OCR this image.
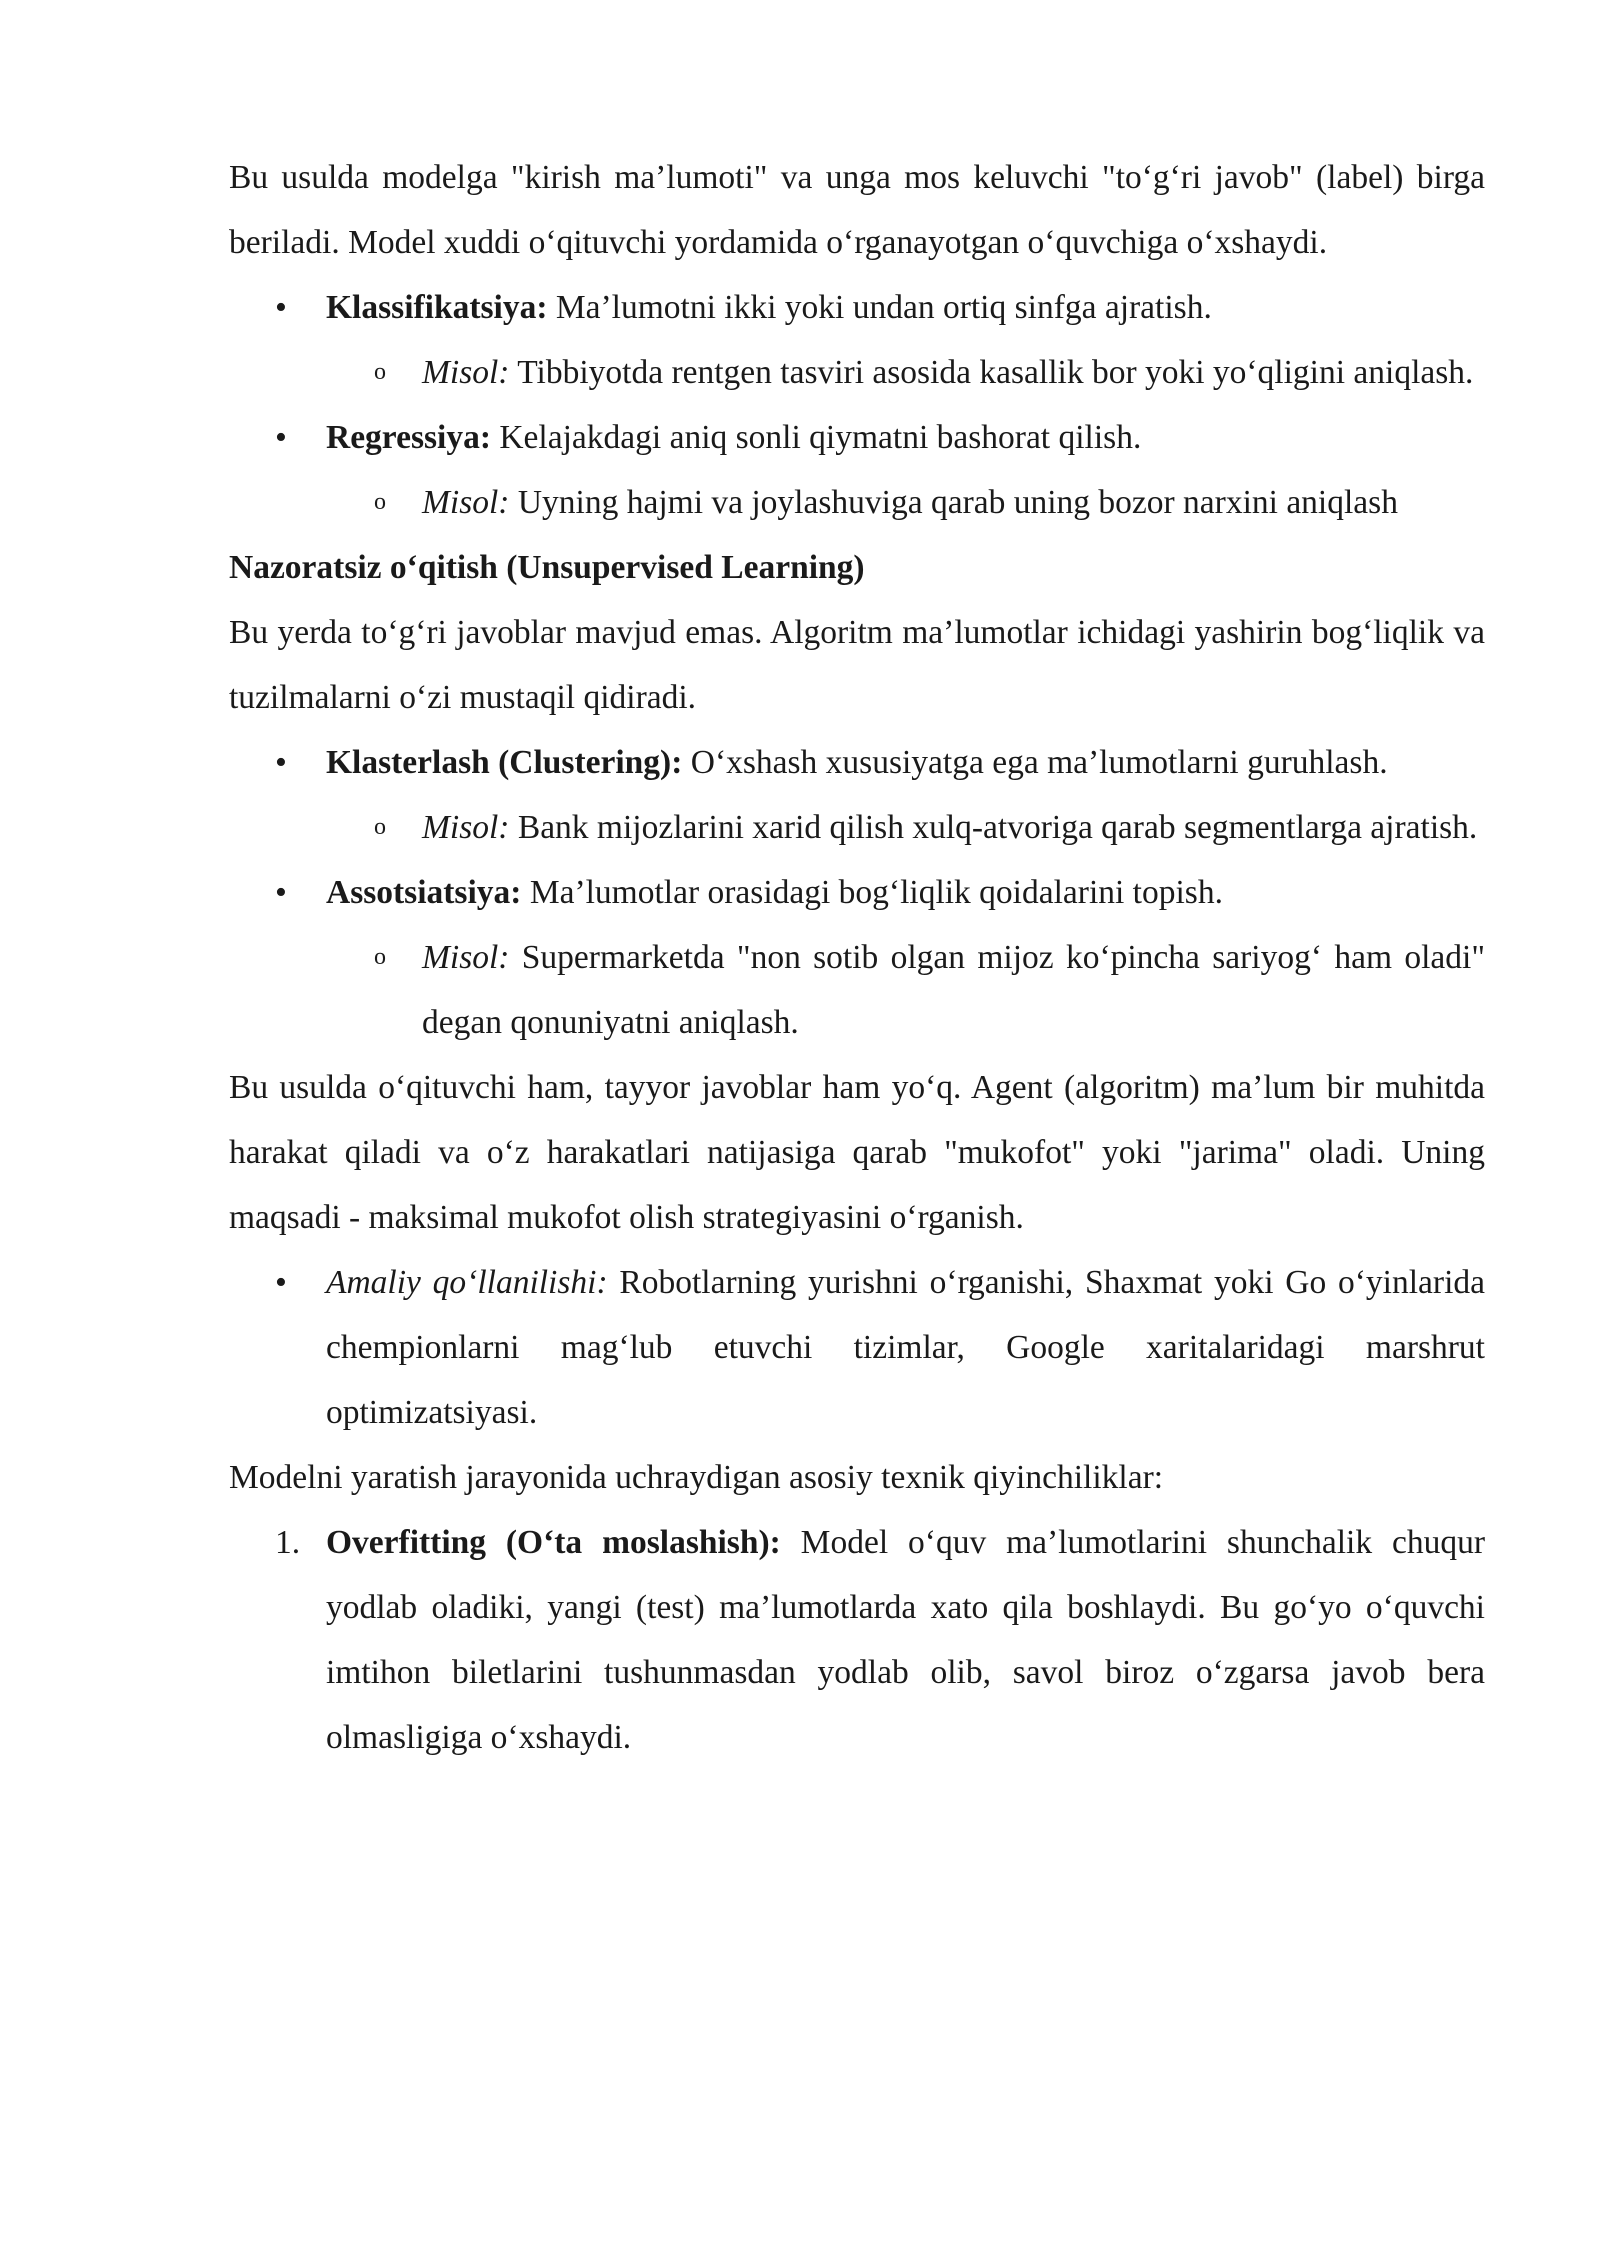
Bu usulda modelga "kirish ma’lumoti" va unga mos keluvchi "to‘g‘ri javob" (label) birga beriladi. Model xuddi o‘qituvchi yordamida o‘rganayotgan o‘quvchiga o‘xshaydi.

• Klassifikatsiya: Ma’lumotni ikki yoki undan ortiq sinfga ajratish.
o Misol: Tibbiyotda rentgen tasviri asosida kasallik bor yoki yo‘qligini aniqlash.
• Regressiya: Kelajakdagi aniq sonli qiymatni bashorat qilish.
o Misol: Uyning hajmi va joylashuviga qarab uning bozor narxini aniqlash

Nazoratsiz o‘qitish (Unsupervised Learning)

Bu yerda to‘g‘ri javoblar mavjud emas. Algoritm ma’lumotlar ichidagi yashirin bog‘liqlik va tuzilmalarni o‘zi mustaqil qidiradi.

• Klasterlash (Clustering): O‘xshash xususiyatga ega ma’lumotlarni guruhlash.
o Misol: Bank mijozlarini xarid qilish xulq-atvoriga qarab segmentlarga ajratish.
• Assotsiatsiya: Ma’lumotlar orasidagi bog‘liqlik qoidalarini topish.
o Misol: Supermarketda "non sotib olgan mijoz ko‘pincha sariyog‘ ham oladi" degan qonuniyatni aniqlash.

Bu usulda o‘qituvchi ham, tayyor javoblar ham yo‘q. Agent (algoritm) ma’lum bir muhitda harakat qiladi va o‘z harakatlari natijasiga qarab "mukofot" yoki "jarima" oladi. Uning maqsadi - maksimal mukofot olish strategiyasini o‘rganish.

• Amaliy qo‘llanilishi: Robotlarning yurishni o‘rganishi, Shaxmat yoki Go o‘yinlarida chempionlarni mag‘lub etuvchi tizimlar, Google xaritalaridagi marshrut optimizatsiyasi.

Modelni yaratish jarayonida uchraydigan asosiy texnik qiyinchiliklar:

1. Overfitting (O‘ta moslashish): Model o‘quv ma’lumotlarini shunchalik chuqur yodlab oladiki, yangi (test) ma’lumotlarda xato qila boshlaydi. Bu go‘yo o‘quvchi imtihon biletlarini tushunmasdan yodlab olib, savol biroz o‘zgarsa javob bera olmasligiga o‘xshaydi.
